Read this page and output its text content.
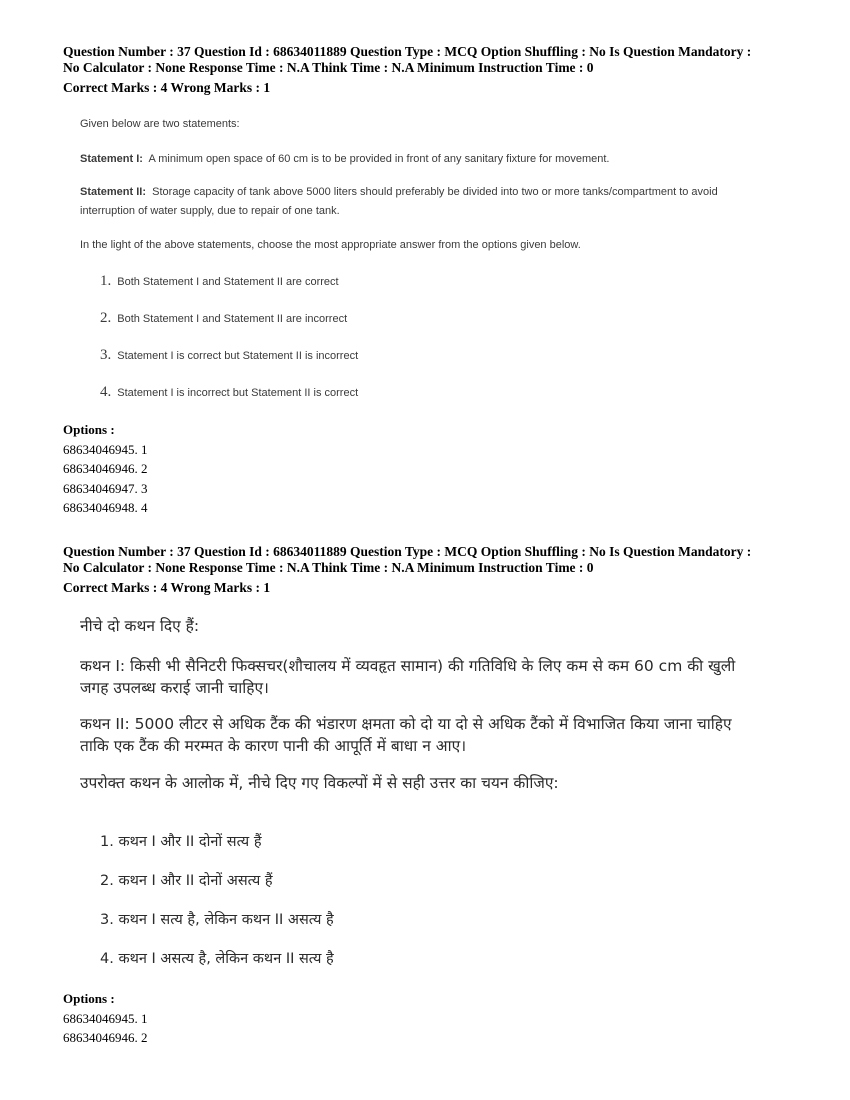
Question Number : 37 Question Id : 68634011889 Question Type : MCQ Option Shuffling : No Is Question Mandatory :

No Calculator : None Response Time : N.A Think Time : N.A Minimum Instruction Time : 0

Correct Marks : 4 Wrong Marks : 1

Given below are two statements:

Statement I: A minimum open space of 60 cm is to be provided in front of any sanitary fixture for movement.

Statement II: Storage capacity of tank above 5000 liters should preferably be divided into two or more tanks/compartment to avoid

interruption of water supply, due to repair of one tank.

In the light of the above statements, choose the most appropriate answer from the options given below.

1. Both Statement I and Statement II are correct

2. Both Statement I and Statement II are incorrect

3. Statement I is correct but Statement II is incorrect

4. Statement I is incorrect but Statement II is correct

Options :
68634046945. 1
68634046946. 2
68634046947. 3
68634046948. 4

Question Number : 37 Question Id : 68634011889 Question Type : MCQ Option Shuffling : No Is Question Mandatory :

No Calculator : None Response Time : N.A Think Time : N.A Minimum Instruction Time : 0

Correct Marks : 4 Wrong Marks : 1

नीचे दो कथन दिए हैं:

कथन I: किसी भी सैनिटरी फिक्सचर(शौचालय में व्यवहृत सामान) की गतिविधि के लिए कम से कम 60 cm की खुली

जगह उपलब्ध कराई जानी चाहिए।

कथन II: 5000 लीटर से अधिक टैंक की भंडारण क्षमता को दो या दो से अधिक टैंको में विभाजित किया जाना चाहिए

ताकि एक टैंक की मरम्मत के कारण पानी की आपूर्ति में बाधा न आए।

उपरोक्त कथन के आलोक में, नीचे दिए गए विकल्पों में से सही उत्तर का चयन कीजिए:

1. कथन I और II दोनों सत्य हैं

2. कथन I और II दोनों असत्य हैं

3. कथन I सत्य है, लेकिन कथन II असत्य है

4. कथन I असत्य है, लेकिन कथन II सत्य है

Options :
68634046945. 1
68634046946. 2
